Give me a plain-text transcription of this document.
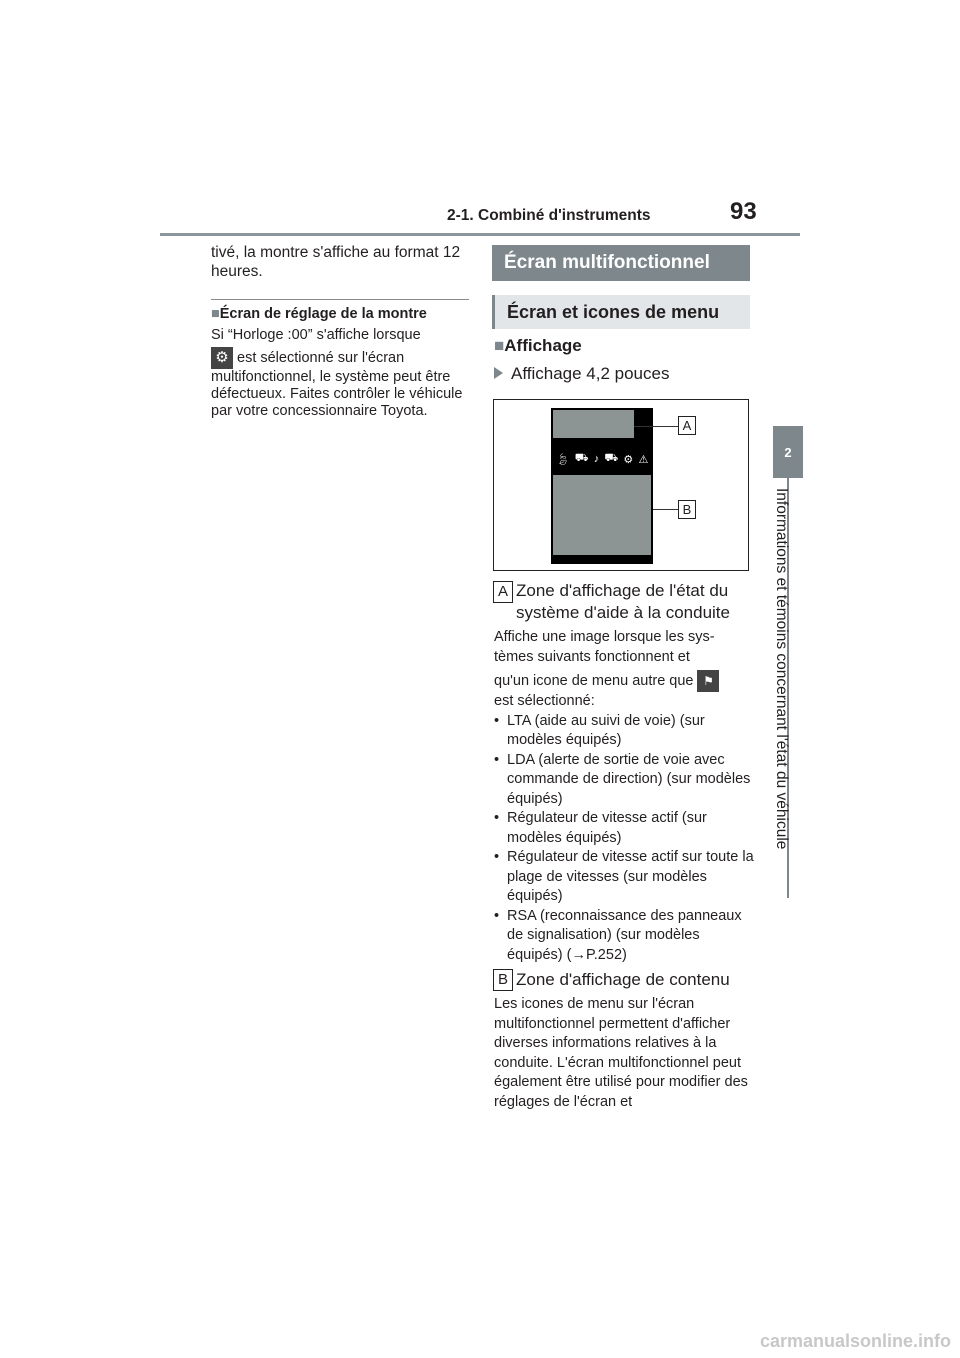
2-1. Combiné d'instruments	93
2
Informations et témoins concernant l'état du véhicule
tivé, la montre s'affiche au format 12 heures.
■Écran de réglage de la montre
Si “Horloge :00” s'affiche lorsque
⚙est sélectionné sur l'écran multifonctionnel, le système peut être défectueux. Faites contrôler le véhicule par votre concessionnaire Toyota.
Écran multifonctionnel
Écran et icones de menu
■Affichage
Affichage 4,2 pouces
🍃︎ ⛟ ♪ ⛟ ⚙ ⚠
A
B
A Zone d'affichage de l'état du
système d'aide à la conduite
Affiche une image lorsque les sys-
tèmes suivants fonctionnent et
qu'un icone de menu autre que⚑
est sélectionné:
• LTA (aide au suivi de voie) (sur modèles équipés)
• LDA (alerte de sortie de voie avec commande de direction) (sur modèles équipés)
• Régulateur de vitesse actif (sur modèles équipés)
• Régulateur de vitesse actif sur toute la plage de vitesses (sur modèles équipés)
• RSA (reconnaissance des panneaux de signalisation) (sur modèles équipés) (→P.252)
B Zone d'affichage de contenu
Les icones de menu sur l'écran multifonctionnel permettent d'afficher diverses informations relatives à la conduite. L'écran multifonctionnel peut également être utilisé pour modifier des réglages de l'écran et
carmanualsonline.info
